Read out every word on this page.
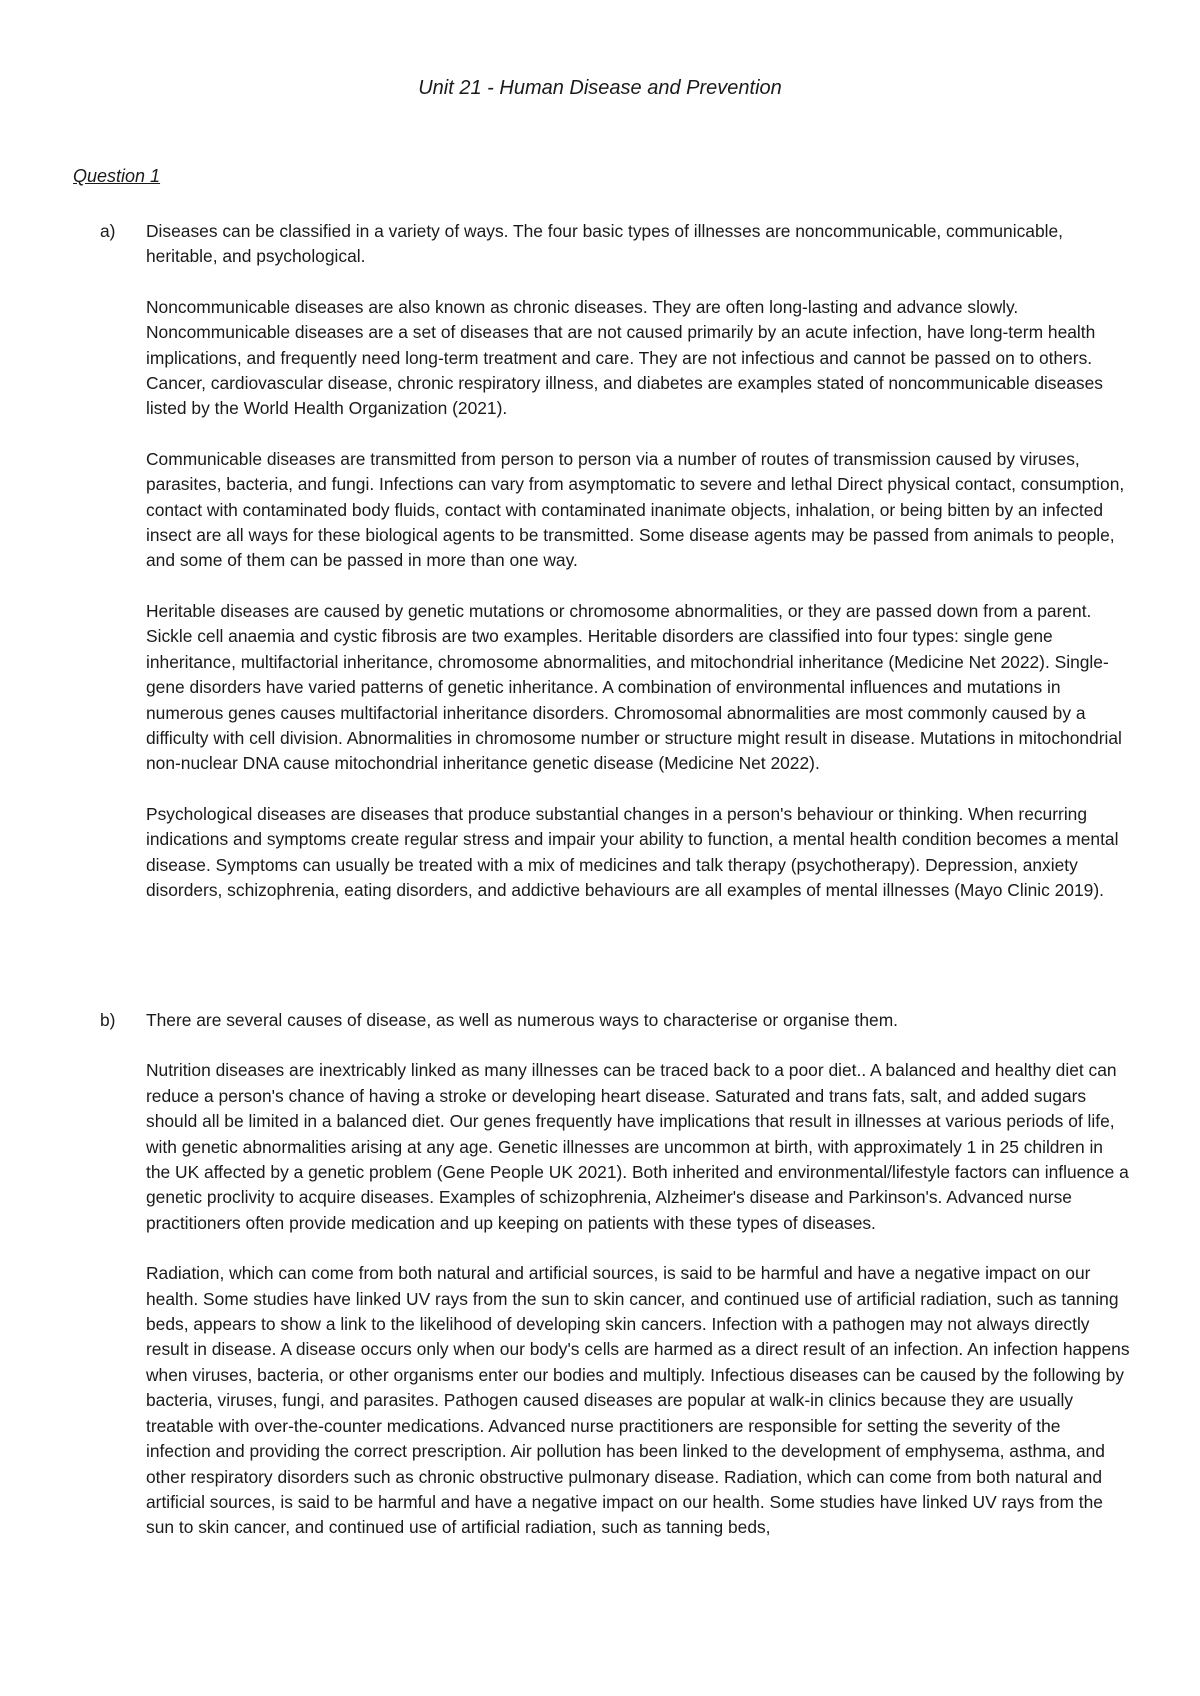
Unit 21 - Human Disease and Prevention
Question 1
a)	Diseases can be classified in a variety of ways. The four basic types of illnesses are noncommunicable, communicable, heritable, and psychological.

Noncommunicable diseases are also known as chronic diseases. They are often long-lasting and advance slowly. Noncommunicable diseases are a set of diseases that are not caused primarily by an acute infection, have long-term health implications, and frequently need long-term treatment and care. They are not infectious and cannot be passed on to others. Cancer, cardiovascular disease, chronic respiratory illness, and diabetes are examples stated of noncommunicable diseases listed by the World Health Organization (2021).

Communicable diseases are transmitted from person to person via a number of routes of transmission caused by viruses, parasites, bacteria, and fungi. Infections can vary from asymptomatic to severe and lethal Direct physical contact, consumption, contact with contaminated body fluids, contact with contaminated inanimate objects, inhalation, or being bitten by an infected insect are all ways for these biological agents to be transmitted. Some disease agents may be passed from animals to people, and some of them can be passed in more than one way.

Heritable diseases are caused by genetic mutations or chromosome abnormalities, or they are passed down from a parent. Sickle cell anaemia and cystic fibrosis are two examples. Heritable disorders are classified into four types: single gene inheritance, multifactorial inheritance, chromosome abnormalities, and mitochondrial inheritance (Medicine Net 2022). Single-gene disorders have varied patterns of genetic inheritance. A combination of environmental influences and mutations in numerous genes causes multifactorial inheritance disorders. Chromosomal abnormalities are most commonly caused by a difficulty with cell division. Abnormalities in chromosome number or structure might result in disease. Mutations in mitochondrial non-nuclear DNA cause mitochondrial inheritance genetic disease (Medicine Net 2022).

Psychological diseases are diseases that produce substantial changes in a person's behaviour or thinking. When recurring indications and symptoms create regular stress and impair your ability to function, a mental health condition becomes a mental disease. Symptoms can usually be treated with a mix of medicines and talk therapy (psychotherapy). Depression, anxiety disorders, schizophrenia, eating disorders, and addictive behaviours are all examples of mental illnesses (Mayo Clinic 2019).

b)	There are several causes of disease, as well as numerous ways to characterise or organise them.

Nutrition diseases are inextricably linked as many illnesses can be traced back to a poor diet.. A balanced and healthy diet can reduce a person's chance of having a stroke or developing heart disease. Saturated and trans fats, salt, and added sugars should all be limited in a balanced diet. Our genes frequently have implications that result in illnesses at various periods of life, with genetic abnormalities arising at any age. Genetic illnesses are uncommon at birth, with approximately 1 in 25 children in the UK affected by a genetic problem (Gene People UK 2021). Both inherited and environmental/lifestyle factors can influence a genetic proclivity to acquire diseases. Examples of schizophrenia, Alzheimer's disease and Parkinson's. Advanced nurse practitioners often provide medication and up keeping on patients with these types of diseases.

Radiation, which can come from both natural and artificial sources, is said to be harmful and have a negative impact on our health. Some studies have linked UV rays from the sun to skin cancer, and continued use of artificial radiation, such as tanning beds, appears to show a link to the likelihood of developing skin cancers. Infection with a pathogen may not always directly result in disease. A disease occurs only when our body's cells are harmed as a direct result of an infection. An infection happens when viruses, bacteria, or other organisms enter our bodies and multiply. Infectious diseases can be caused by the following by bacteria, viruses, fungi, and parasites. Pathogen caused diseases are popular at walk-in clinics because they are usually treatable with over-the-counter medications. Advanced nurse practitioners are responsible for setting the severity of the infection and providing the correct prescription. Air pollution has been linked to the development of emphysema, asthma, and other respiratory disorders such as chronic obstructive pulmonary disease. Radiation, which can come from both natural and artificial sources, is said to be harmful and have a negative impact on our health. Some studies have linked UV rays from the sun to skin cancer, and continued use of artificial radiation, such as tanning beds,
